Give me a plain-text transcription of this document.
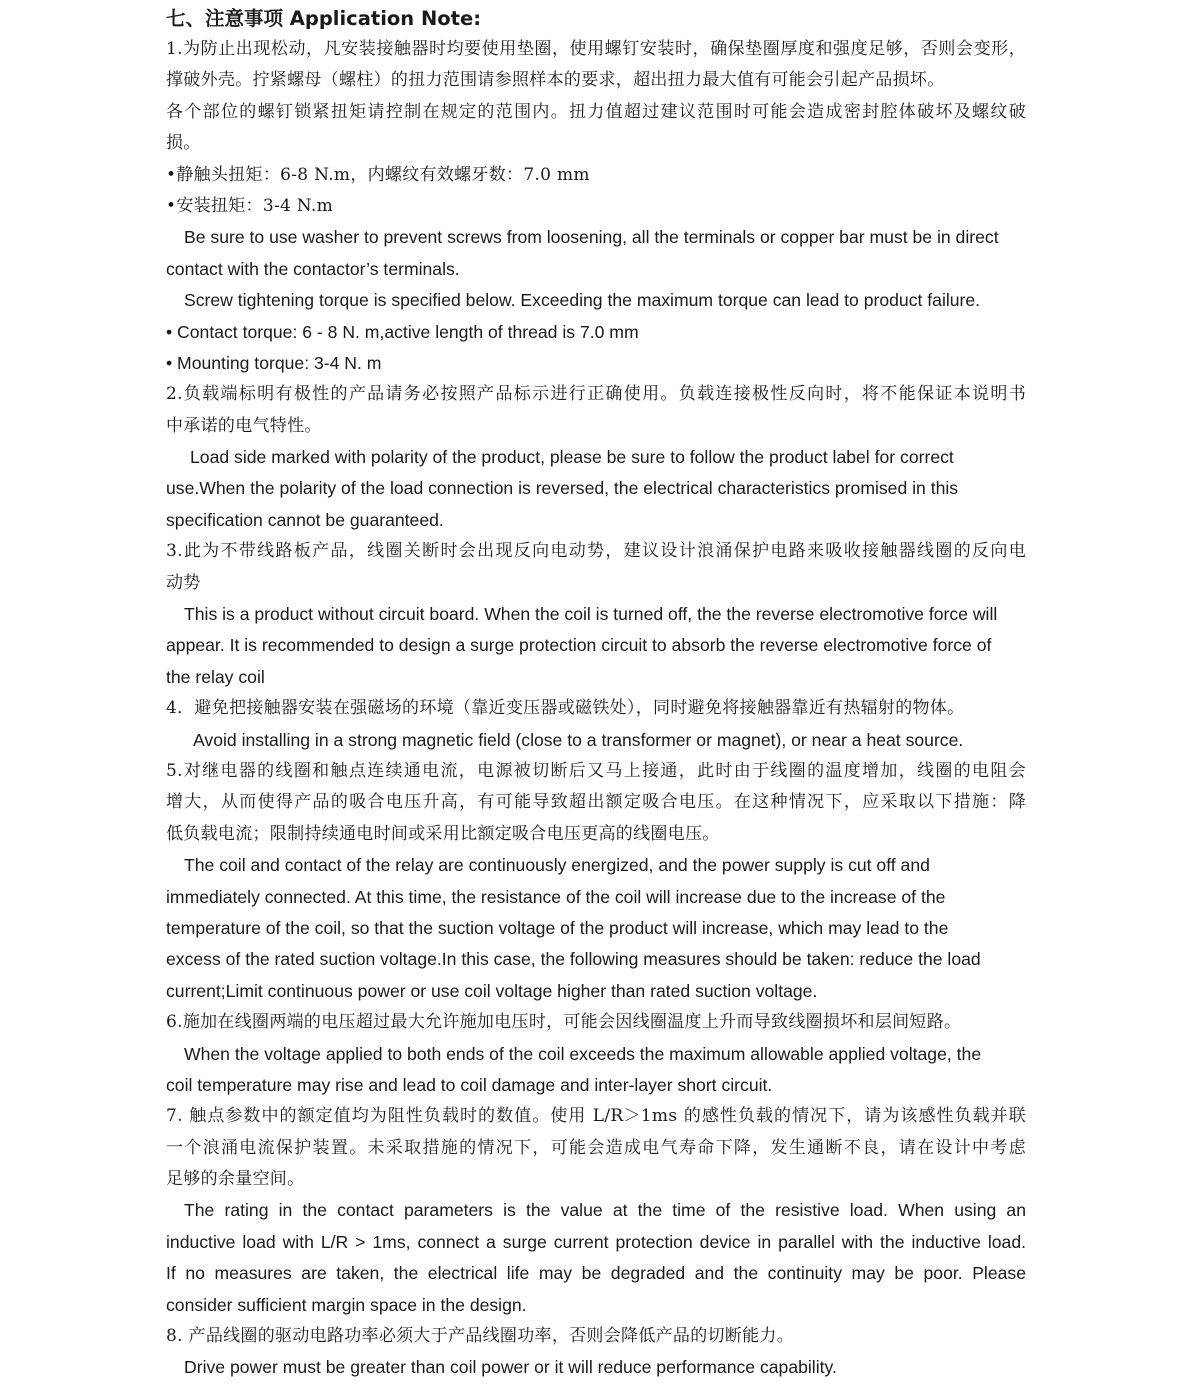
七、注意事项 Application Note:
1.为防止出现松动，凡安装接触器时均要使用垫圈，使用螺钉安装时，确保垫圈厚度和强度足够，否则会变形，
撑破外壳。拧紧螺母（螺柱）的扭力范围请参照样本的要求，超出扭力最大值有可能会引起产品损坏。
各个部位的螺钉锁紧扭矩请控制在规定的范围内。扭力值超过建议范围时可能会造成密封腔体破坏及螺纹破
损。
•静触头扭矩：6-8 N.m，内螺纹有效螺牙数：7.0 mm
•安装扭矩：3-4 N.m
Be sure to use washer to prevent screws from loosening, all the terminals or copper bar must be in direct
contact with the contactor’s terminals.
Screw tightening torque is specified below. Exceeding the maximum torque can lead to product failure.
• Contact torque: 6 - 8 N. m,active length of thread is 7.0 mm
• Mounting torque: 3-4 N. m
2.负载端标明有极性的产品请务必按照产品标示进行正确使用。负载连接极性反向时，将不能保证本说明书
中承诺的电气特性。
Load side marked with polarity of the product, please be sure to follow the product label for correct
use.When the polarity of the load connection is reversed, the electrical characteristics promised in this
specification cannot be guaranteed.
3.此为不带线路板产品，线圈关断时会出现反向电动势，建议设计浪涌保护电路来吸收接触器线圈的反向电
动势
This is a product without circuit board. When the coil is turned off, the the reverse electromotive force will
appear. It is recommended to design a surge protection circuit to absorb the reverse electromotive force of
the relay coil
4．避免把接触器安装在强磁场的环境（靠近变压器或磁铁处），同时避免将接触器靠近有热辐射的物体。
Avoid installing in a strong magnetic field (close to a transformer or magnet), or near a heat source.
5.对继电器的线圈和触点连续通电流，电源被切断后又马上接通，此时由于线圈的温度增加，线圈的电阻会
增大，从而使得产品的吸合电压升高，有可能导致超出额定吸合电压。在这种情况下，应采取以下措施：降
低负载电流；限制持续通电时间或采用比额定吸合电压更高的线圈电压。
The coil and contact of the relay are continuously energized, and the power supply is cut off and
immediately connected. At this time, the resistance of the coil will increase due to the increase of the
temperature of the coil, so that the suction voltage of the product will increase, which may lead to the
excess of the rated suction voltage.In this case, the following measures should be taken: reduce the load
current;Limit continuous power or use coil voltage higher than rated suction voltage.
6.施加在线圈两端的电压超过最大允许施加电压时，可能会因线圈温度上升而导致线圈损坏和层间短路。
When the voltage applied to both ends of the coil exceeds the maximum allowable applied voltage, the
coil temperature may rise and lead to coil damage and inter-layer short circuit.
7. 触点参数中的额定值均为阻性负载时的数值。使用 L/R＞1ms 的感性负载的情况下，请为该感性负载并联
一个浪涌电流保护装置。未采取措施的情况下，可能会造成电气寿命下降，发生通断不良，请在设计中考虑
足够的余量空间。
The rating in the contact parameters is the value at the time of the resistive load. When using an
inductive load with L/R > 1ms, connect a surge current protection device in parallel with the inductive load.
If no measures are taken, the electrical life may be degraded and the continuity may be poor. Please
consider sufficient margin space in the design.
8. 产品线圈的驱动电路功率必须大于产品线圈功率，否则会降低产品的切断能力。
Drive power must be greater than coil power or it will reduce performance capability.
